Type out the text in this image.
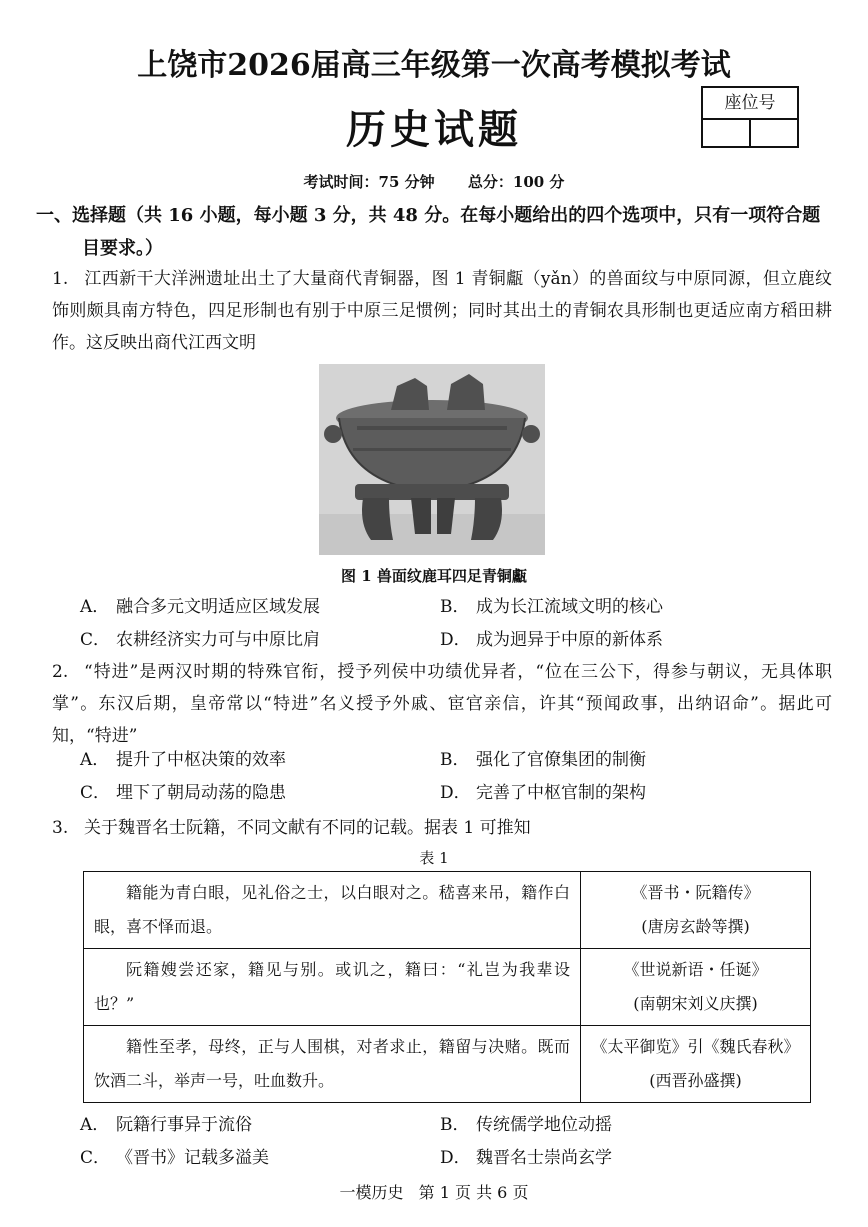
上饶市2026届高三年级第一次高考模拟考试
历史试题
座位号
考试时间：75 分钟 总分：100 分
一、选择题（共 16 小题，每小题 3 分，共 48 分。在每小题给出的四个选项中，只有一项符合题
目要求。）
1. 江西新干大洋洲遗址出土了大量商代青铜器，图 1 青铜甗（yǎn）的兽面纹与中原同源，但立鹿纹饰则颇具南方特色，四足形制也有别于中原三足惯例；同时其出土的青铜农具形制也更适应南方稻田耕作。这反映出商代江西文明
图 1 兽面纹鹿耳四足青铜甗
A． 融合多元文明适应区域发展	B． 成为长江流域文明的核心
C． 农耕经济实力可与中原比肩	D． 成为迥异于中原的新体系
2. “特进”是两汉时期的特殊官衔，授予列侯中功绩优异者，“位在三公下，得参与朝议，无具体职掌”。东汉后期，皇帝常以“特进”名义授予外戚、宦官亲信，许其“预闻政事，出纳诏命”。据此可知，“特进”
A． 提升了中枢决策的效率	B． 强化了官僚集团的制衡
C． 埋下了朝局动荡的隐患	D． 完善了中枢官制的架构
3. 关于魏晋名士阮籍，不同文献有不同的记载。据表 1 可推知
表 1
籍能为青白眼，见礼俗之士，以白眼对之。嵇喜来吊，籍作白眼，喜不怿而退。	《晋书・阮籍传》
(唐房玄龄等撰)

阮籍嫂尝还家，籍见与别。或讥之，籍曰：“礼岂为我辈设也？”	《世说新语・任诞》
(南朝宋刘义庆撰)

籍性至孝，母终，正与人围棋，对者求止，籍留与决赌。既而饮酒二斗，举声一号，吐血数升。	《太平御览》引《魏氏春秋》
(西晋孙盛撰)
A． 阮籍行事异于流俗	B． 传统儒学地位动摇
C． 《晋书》记载多溢美	D． 魏晋名士崇尚玄学
一模历史 第 1 页 共 6 页
